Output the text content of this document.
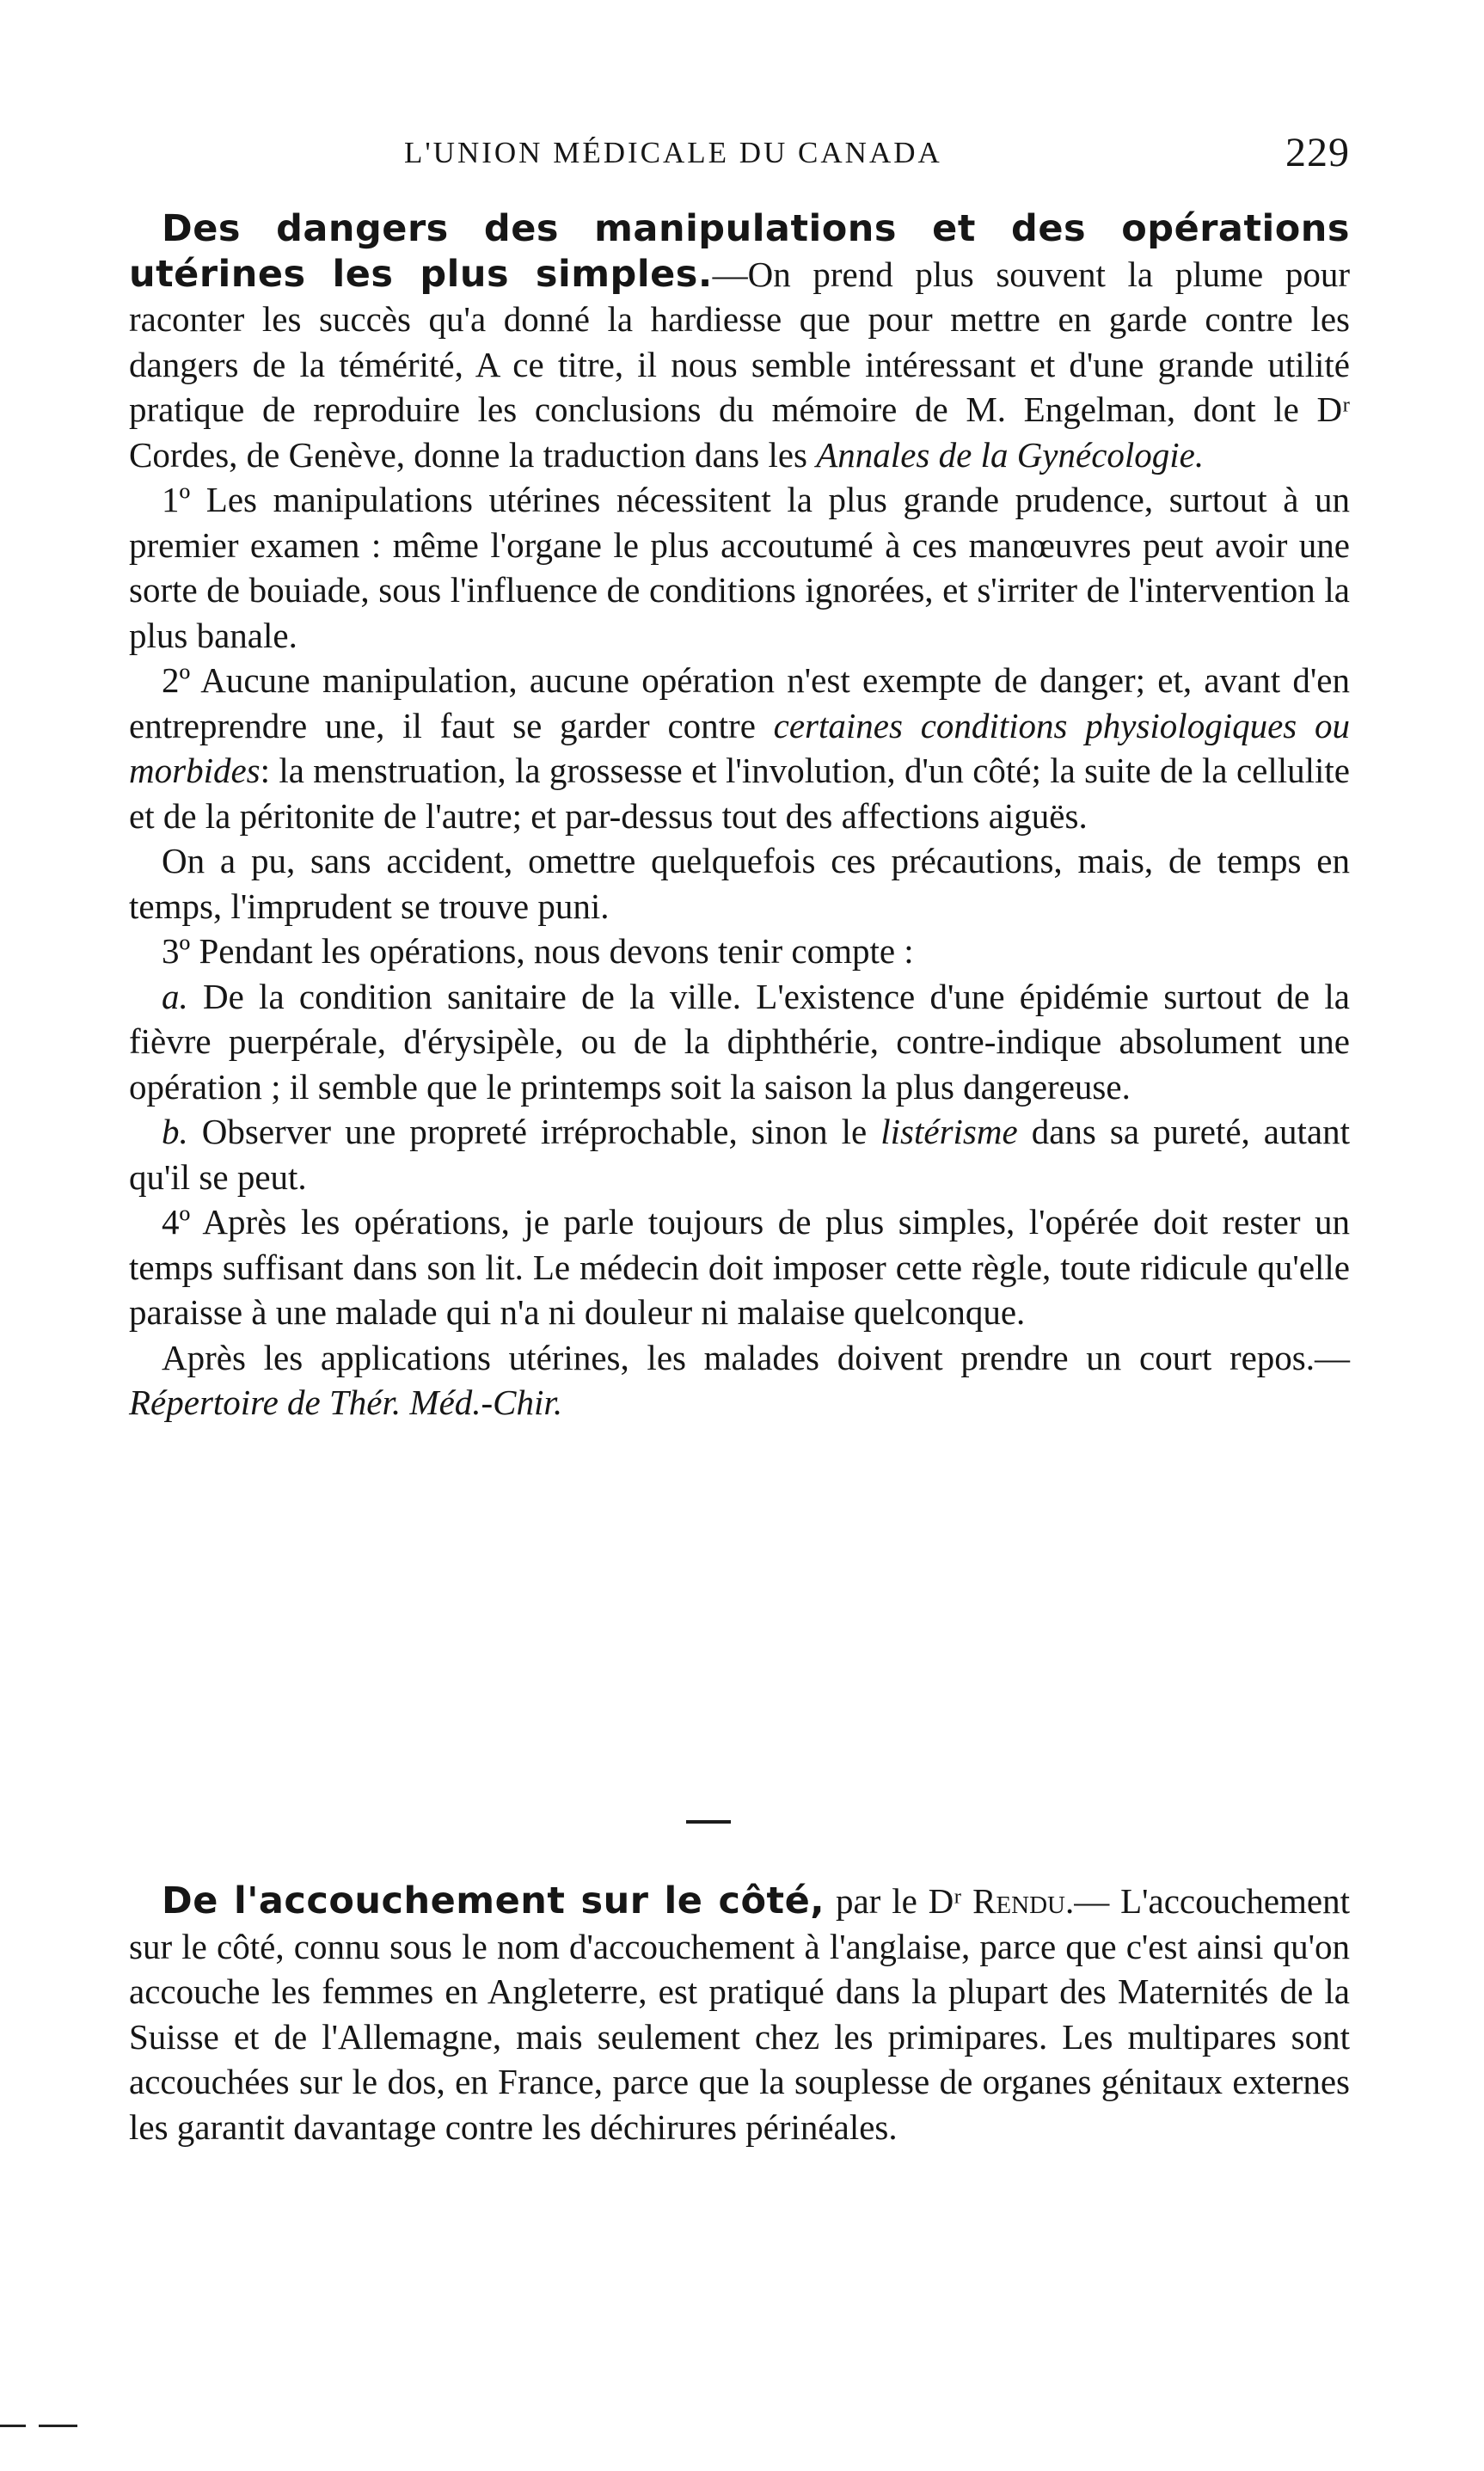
L'UNION MÉDICALE DU CANADA	229

Des dangers des manipulations et des opérations utérines les plus simples.—On prend plus souvent la plume pour raconter les succès qu'a donné la hardiesse que pour mettre en garde contre les dangers de la témérité, A ce titre, il nous semble intéressant et d'une grande utilité pratique de reproduire les conclusions du mémoire de M. Engelman, dont le Dʳ Cordes, de Genève, donne la traduction dans les Annales de la Gynécologie.

1º Les manipulations utérines nécessitent la plus grande prudence, surtout à un premier examen : même l'organe le plus accoutumé à ces manœuvres peut avoir une sorte de bouiade, sous l'influence de conditions ignorées, et s'irriter de l'intervention la plus banale.

2º Aucune manipulation, aucune opération n'est exempte de danger; et, avant d'en entreprendre une, il faut se garder contre certaines conditions physiologiques ou morbides: la menstruation, la grossesse et l'involution, d'un côté; la suite de la cellulite et de la péritonite de l'autre; et par-dessus tout des affections aiguës.

On a pu, sans accident, omettre quelquefois ces précautions, mais, de temps en temps, l'imprudent se trouve puni.

3º Pendant les opérations, nous devons tenir compte :

a. De la condition sanitaire de la ville. L'existence d'une épidémie surtout de la fièvre puerpérale, d'érysipèle, ou de la diphthérie, contre-indique absolument une opération ; il semble que le printemps soit la saison la plus dangereuse.

b. Observer une propreté irréprochable, sinon le listérisme dans sa pureté, autant qu'il se peut.

4º Après les opérations, je parle toujours de plus simples, l'opérée doit rester un temps suffisant dans son lit. Le médecin doit imposer cette règle, toute ridicule qu'elle paraisse à une malade qui n'a ni douleur ni malaise quelconque.

Après les applications utérines, les malades doivent prendre un court repos.—Répertoire de Thér. Méd.-Chir.

De l'accouchement sur le côté, par le Dʳ Rendu.— L'accouchement sur le côté, connu sous le nom d'accouchement à l'anglaise, parce que c'est ainsi qu'on accouche les femmes en Angleterre, est pratiqué dans la plupart des Maternités de la Suisse et de l'Allemagne, mais seulement chez les primipares. Les multipares sont accouchées sur le dos, en France, parce que la souplesse de organes génitaux externes les garantit davantage contre les déchirures périnéales.
